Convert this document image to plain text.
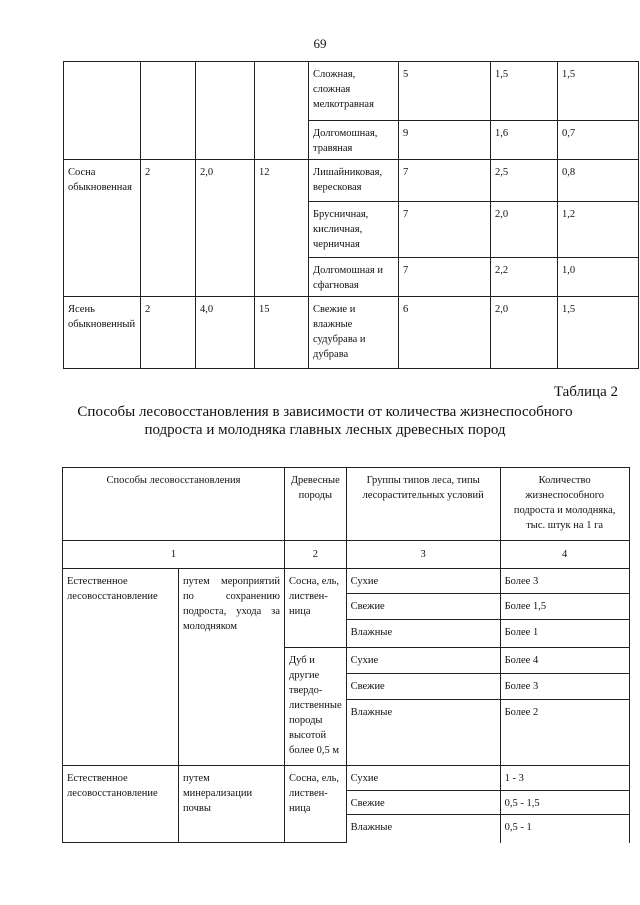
69
				Сложная, сложная мелкотравная	5	1,5	1,5
				Долгомошная, травяная	9	1,6	0,7
Сосна обыкновенная	2	2,0	12	Лишайниковая, вересковая	7	2,5	0,8
				Брусничная, кисличная, черничная	7	2,0	1,2
				Долгомошная и сфагновая	7	2,2	1,0
Ясень обыкновенный	2	4,0	15	Свежие и влажные судубрава и дубрава	6	2,0	1,5
Таблица 2
Способы лесовосстановления в зависимости от количества жизнеспособного подроста и молодняка главных лесных древесных пород
Способы лесовосстановления		Древесные породы	Группы типов леса, типы лесорастительных условий	Количество жизнеспособного подроста и молодняка, тыс. штук на 1 га
1		2	3	4
Естественное лесовосстановление	путем мероприятий по сохранению подроста, ухода за молодняком	Сосна, ель, листвен-ница	Сухие	Более 3
			Свежие	Более 1,5
			Влажные	Более 1
		Дуб и другие твердо-лиственные породы высотой более 0,5 м	Сухие	Более 4
			Свежие	Более 3
			Влажные	Более 2
Естественное лесовосстановление	путем минерализации почвы	Сосна, ель, листвен-ница	Сухие	1 - 3
			Свежие	0,5 - 1,5
			Влажные	0,5 - 1
